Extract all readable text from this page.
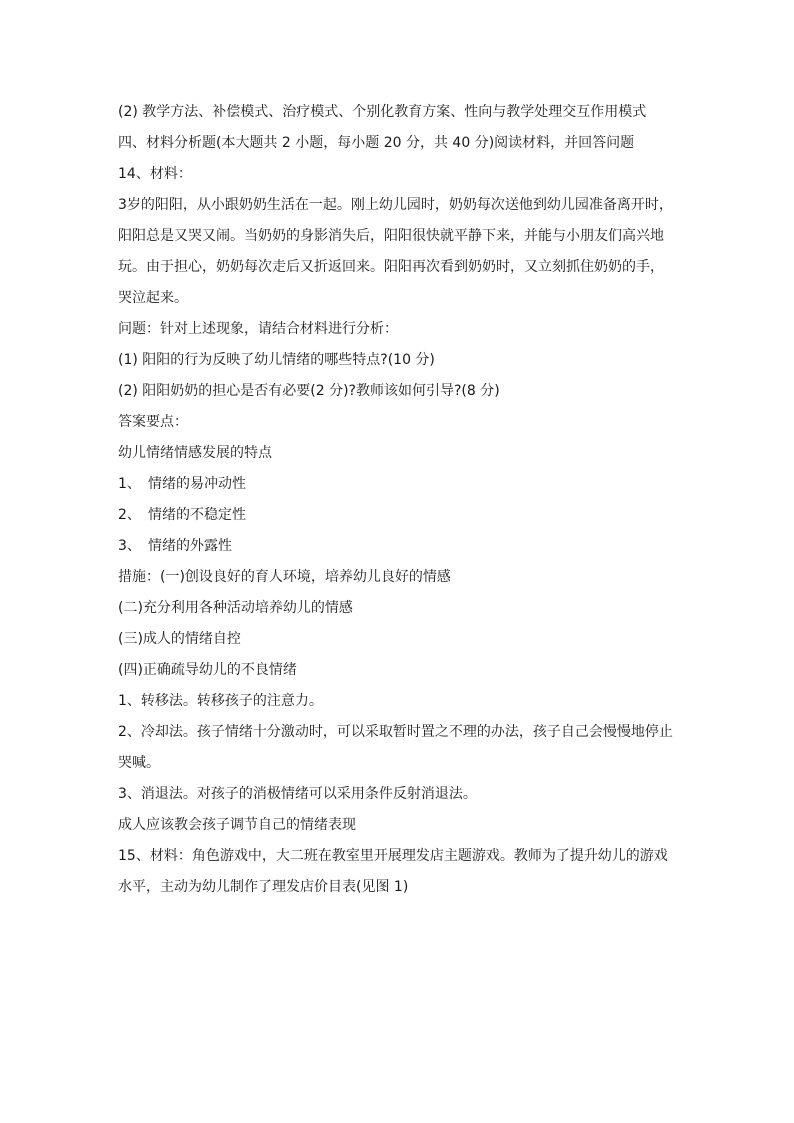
(2) 教学方法、补偿模式、治疗模式、个别化教育方案、性向与教学处理交互作用模式

四、材料分析题(本大题共 2 小题，每小题 20 分，共 40 分)阅读材料，并回答问题

14、材料：

3岁的阳阳，从小跟奶奶生活在一起。刚上幼儿园时，奶奶每次送他到幼儿园准备离开时，

阳阳总是又哭又闹。当奶奶的身影消失后，阳阳很快就平静下来，并能与小朋友们高兴地

玩。由于担心，奶奶每次走后又折返回来。阳阳再次看到奶奶时，又立刻抓住奶奶的手，

哭泣起来。

问题：针对上述现象，请结合材料进行分析：

(1) 阳阳的行为反映了幼儿情绪的哪些特点?(10 分)

(2) 阳阳奶奶的担心是否有必要(2 分)?教师该如何引导?(8 分)

答案要点：

幼儿情绪情感发展的特点

1、 情绪的易冲动性

2、 情绪的不稳定性

3、 情绪的外露性

措施：(一)创设良好的育人环境，培养幼儿良好的情感

(二)充分利用各种活动培养幼儿的情感

(三)成人的情绪自控

(四)正确疏导幼儿的不良情绪

1、转移法。转移孩子的注意力。

2、冷却法。孩子情绪十分激动时，可以采取暂时置之不理的办法，孩子自己会慢慢地停止

哭喊。

3、消退法。对孩子的消极情绪可以采用条件反射消退法。

成人应该教会孩子调节自己的情绪表现

15、材料：角色游戏中，大二班在教室里开展理发店主题游戏。教师为了提升幼儿的游戏

水平，主动为幼儿制作了理发店价目表(见图 1)
